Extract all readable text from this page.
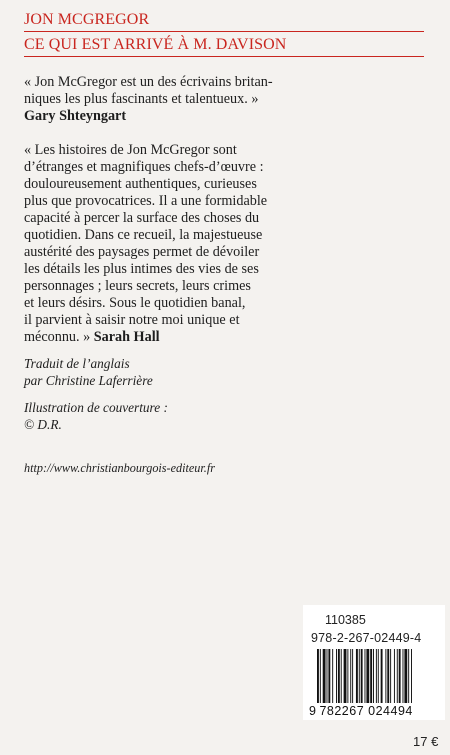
JON MCGREGOR
CE QUI EST ARRIVÉ À M. DAVISON

« Jon McGregor est un des écrivains britan-

niques les plus fascinants et talentueux. »

Gary Shteyngart

« Les histoires de Jon McGregor sont

d’étranges et magnifiques chefs-d’œuvre :

douloureusement authentiques, curieuses

plus que provocatrices. Il a une formidable

capacité à percer la surface des choses du

quotidien. Dans ce recueil, la majestueuse

austérité des paysages permet de dévoiler

les détails les plus intimes des vies de ses

personnages ; leurs secrets, leurs crimes

et leurs désirs. Sous le quotidien banal,

il parvient à saisir notre moi unique et

méconnu. » Sarah Hall

Traduit de l’anglais

par Christine Laferrière

Illustration de couverture :

© D.R.

http://www.christianbourgois-editeur.fr
110385
978-2-267-02449-4
9 782267 024494
17 €
